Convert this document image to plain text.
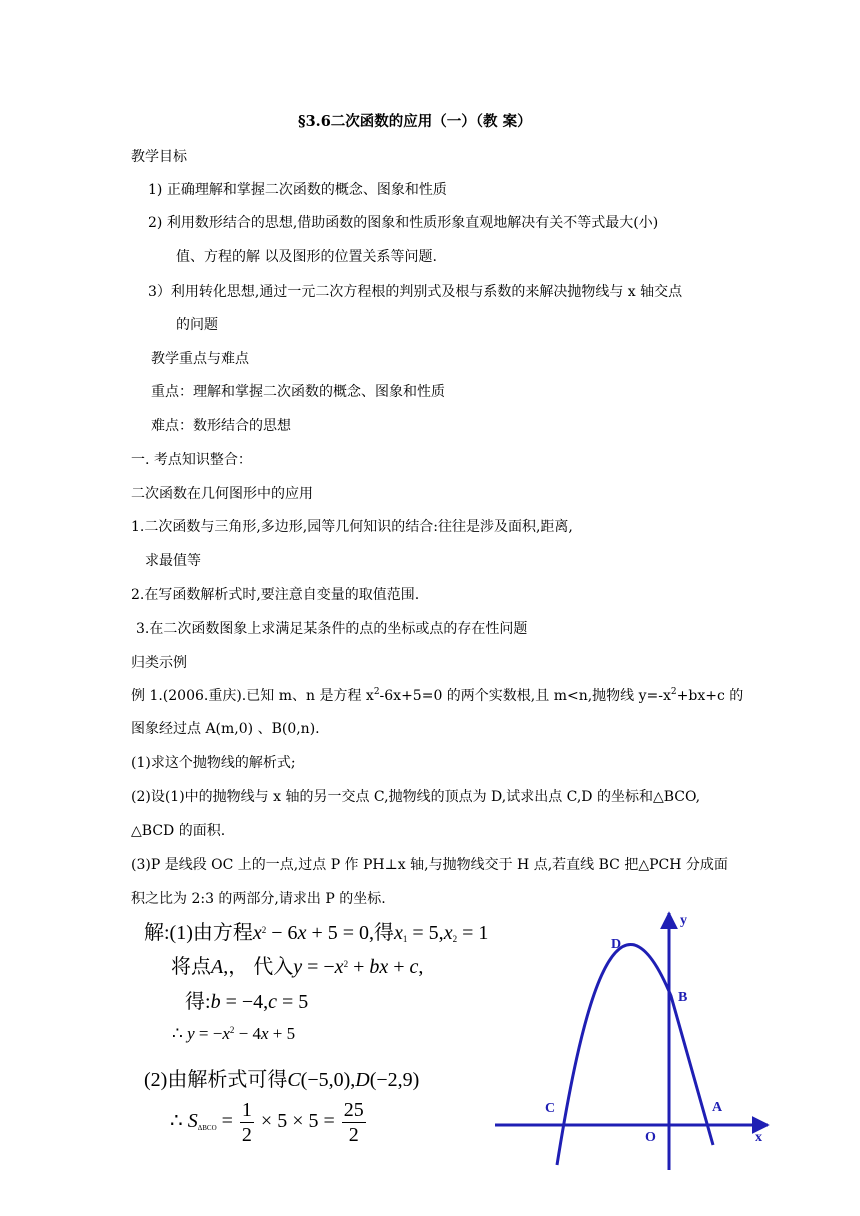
§3.6二次函数的应用（一）（教 案）
教学目标
1) 正确理解和掌握二次函数的概念、图象和性质
2) 利用数形结合的思想,借助函数的图象和性质形象直观地解决有关不等式最大(小)
值、方程的解 以及图形的位置关系等问题.
3）利用转化思想,通过一元二次方程根的判别式及根与系数的来解决抛物线与 x 轴交点
的问题
教学重点与难点
重点：理解和掌握二次函数的概念、图象和性质
难点：数形结合的思想
一. 考点知识整合：
二次函数在几何图形中的应用
1.二次函数与三角形,多边形,园等几何知识的结合:往往是涉及面积,距离,
求最值等
2.在写函数解析式时,要注意自变量的取值范围.
3.在二次函数图象上求满足某条件的点的坐标或点的存在性问题
归类示例
例 1.(2006.重庆).已知 m、n 是方程 $x^2-6x+5=0$ 的两个实数根,且 m<n,抛物线 $y=-x^2+bx+c$ 的
图象经过点 A(m,0) 、B(0,n).
(1)求这个抛物线的解析式;
(2)设(1)中的抛物线与 x 轴的另一交点 C,抛物线的顶点为 D,试求出点 C,D 的坐标和△BCO,
△BCD 的面积.
(3)P 是线段 OC 上的一点,过点 P 作 PH⊥x 轴,与抛物线交于 H 点,若直线 BC 把△PCH 分成面
积之比为 2:3 的两部分,请求出 P 的坐标.
解:(1)由方程$x^2 - 6x + 5 = 0$,得$x_1 = 5,x_2 = 1$
将点A,， 代入$y = -x^2$ + bx + c,
得:b = −4,c = 5
∴ $y = -x^2 - 4x + 5$
(2)由解析式可得C(−5,0),D(−2,9)
∴ $S_{\Delta BCO} = \frac{1}{2} \times 5 \times 5 = \frac{25}{2}$
y
x
D
B
C	A
O
